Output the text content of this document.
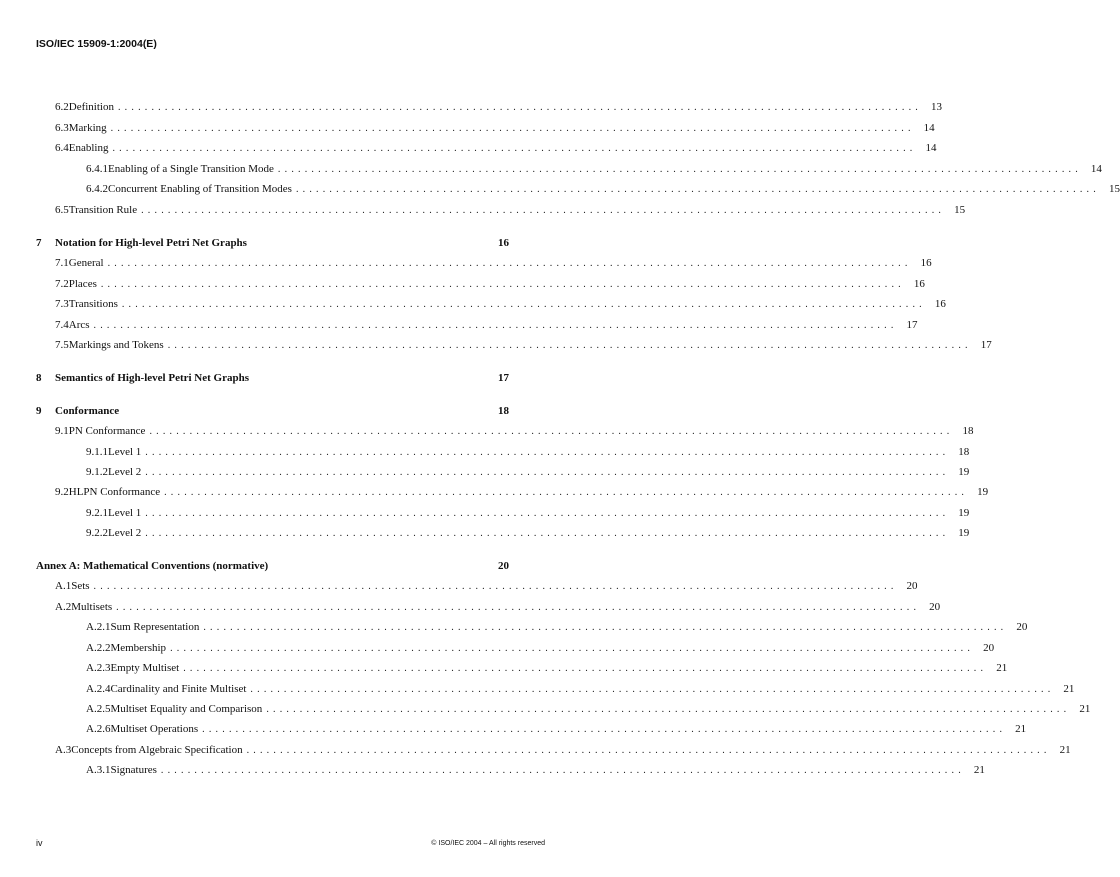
ISO/IEC 15909-1:2004(E)
6.2 Definition ........................................................................................................................ 13
6.3 Marking ........................................................................................................................ 14
6.4 Enabling ........................................................................................................................ 14
6.4.1 Enabling of a Single Transition Mode ........................................................................................................................ 14
6.4.2 Concurrent Enabling of Transition Modes ........................................................................................................................ 15
6.5 Transition Rule ........................................................................................................................ 15
7	Notation for High-level Petri Net Graphs	16
7.1 General ........................................................................................................................ 16
7.2 Places ........................................................................................................................ 16
7.3 Transitions ........................................................................................................................ 16
7.4 Arcs ........................................................................................................................ 17
7.5 Markings and Tokens ........................................................................................................................ 17
8	Semantics of High-level Petri Net Graphs	17
9	Conformance	18
9.1 PN Conformance ........................................................................................................................ 18
9.1.1 Level 1 ........................................................................................................................ 18
9.1.2 Level 2 ........................................................................................................................ 19
9.2 HLPN Conformance ........................................................................................................................ 19
9.2.1 Level 1 ........................................................................................................................ 19
9.2.2 Level 2 ........................................................................................................................ 19
Annex A: Mathematical Conventions (normative)	20
A.1 Sets ........................................................................................................................ 20
A.2 Multisets ........................................................................................................................ 20
A.2.1 Sum Representation ........................................................................................................................ 20
A.2.2 Membership ........................................................................................................................ 20
A.2.3 Empty Multiset ........................................................................................................................ 21
A.2.4 Cardinality and Finite Multiset ........................................................................................................................ 21
A.2.5 Multiset Equality and Comparison ........................................................................................................................ 21
A.2.6 Multiset Operations ........................................................................................................................ 21
A.3 Concepts from Algebraic Specification ........................................................................................................................ 21
A.3.1 Signatures ........................................................................................................................ 21
iv	© ISO/IEC 2004 – All rights reserved
